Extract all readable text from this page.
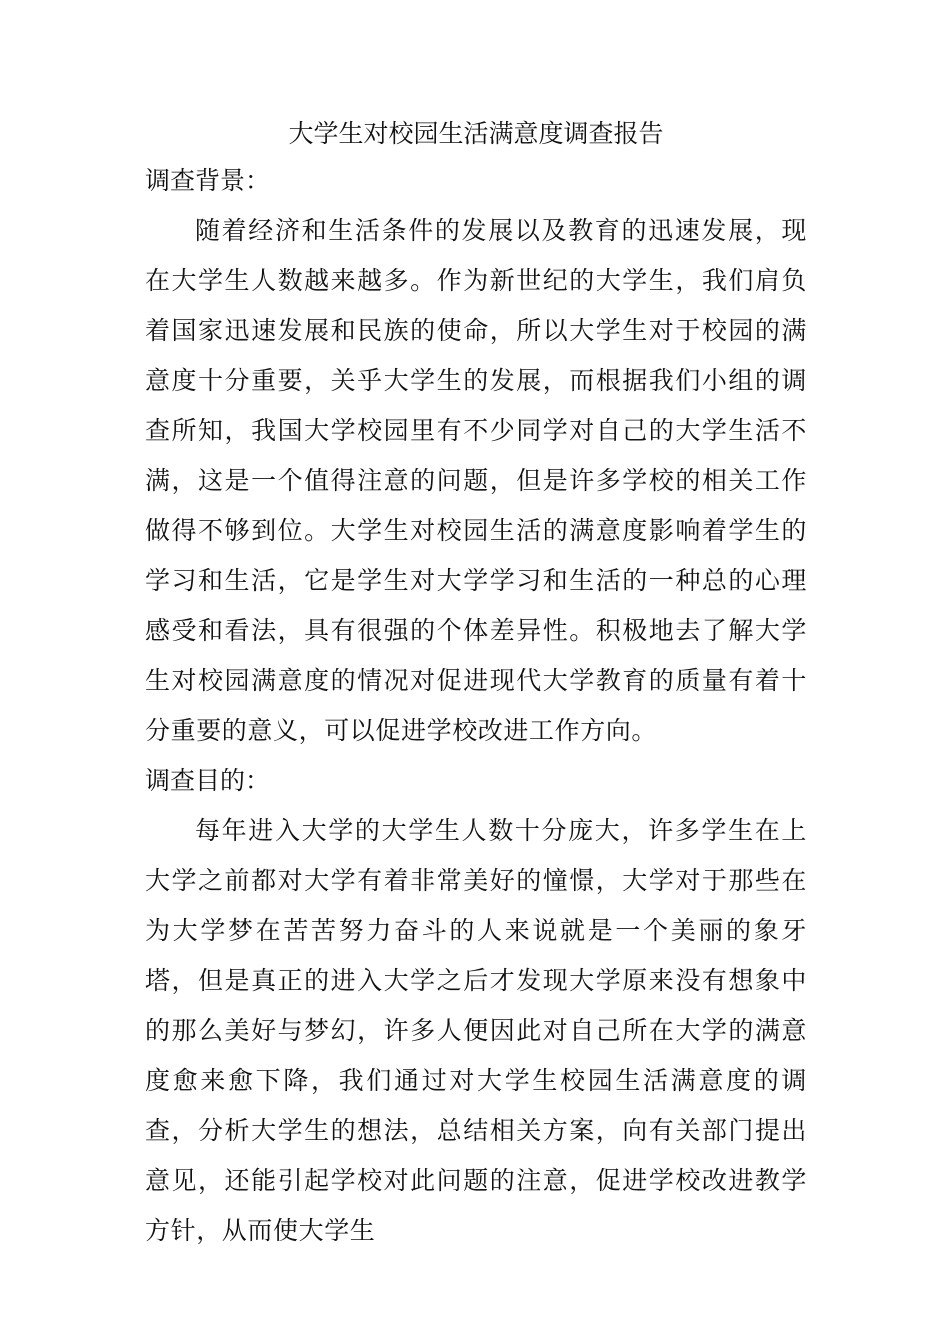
大学生对校园生活满意度调查报告

调查背景：

随着经济和生活条件的发展以及教育的迅速发展，现在大学生人数越来越多。作为新世纪的大学生，我们肩负着国家迅速发展和民族的使命，所以大学生对于校园的满意度十分重要，关乎大学生的发展，而根据我们小组的调查所知，我国大学校园里有不少同学对自己的大学生活不满，这是一个值得注意的问题，但是许多学校的相关工作做得不够到位。大学生对校园生活的满意度影响着学生的学习和生活，它是学生对大学学习和生活的一种总的心理感受和看法，具有很强的个体差异性。积极地去了解大学生对校园满意度的情况对促进现代大学教育的质量有着十分重要的意义，可以促进学校改进工作方向。

调查目的：

每年进入大学的大学生人数十分庞大，许多学生在上大学之前都对大学有着非常美好的憧憬，大学对于那些在为大学梦在苦苦努力奋斗的人来说就是一个美丽的象牙塔，但是真正的进入大学之后才发现大学原来没有想象中的那么美好与梦幻，许多人便因此对自己所在大学的满意度愈来愈下降，我们通过对大学生校园生活满意度的调查，分析大学生的想法，总结相关方案，向有关部门提出意见，还能引起学校对此问题的注意，促进学校改进教学方针，从而使大学生
